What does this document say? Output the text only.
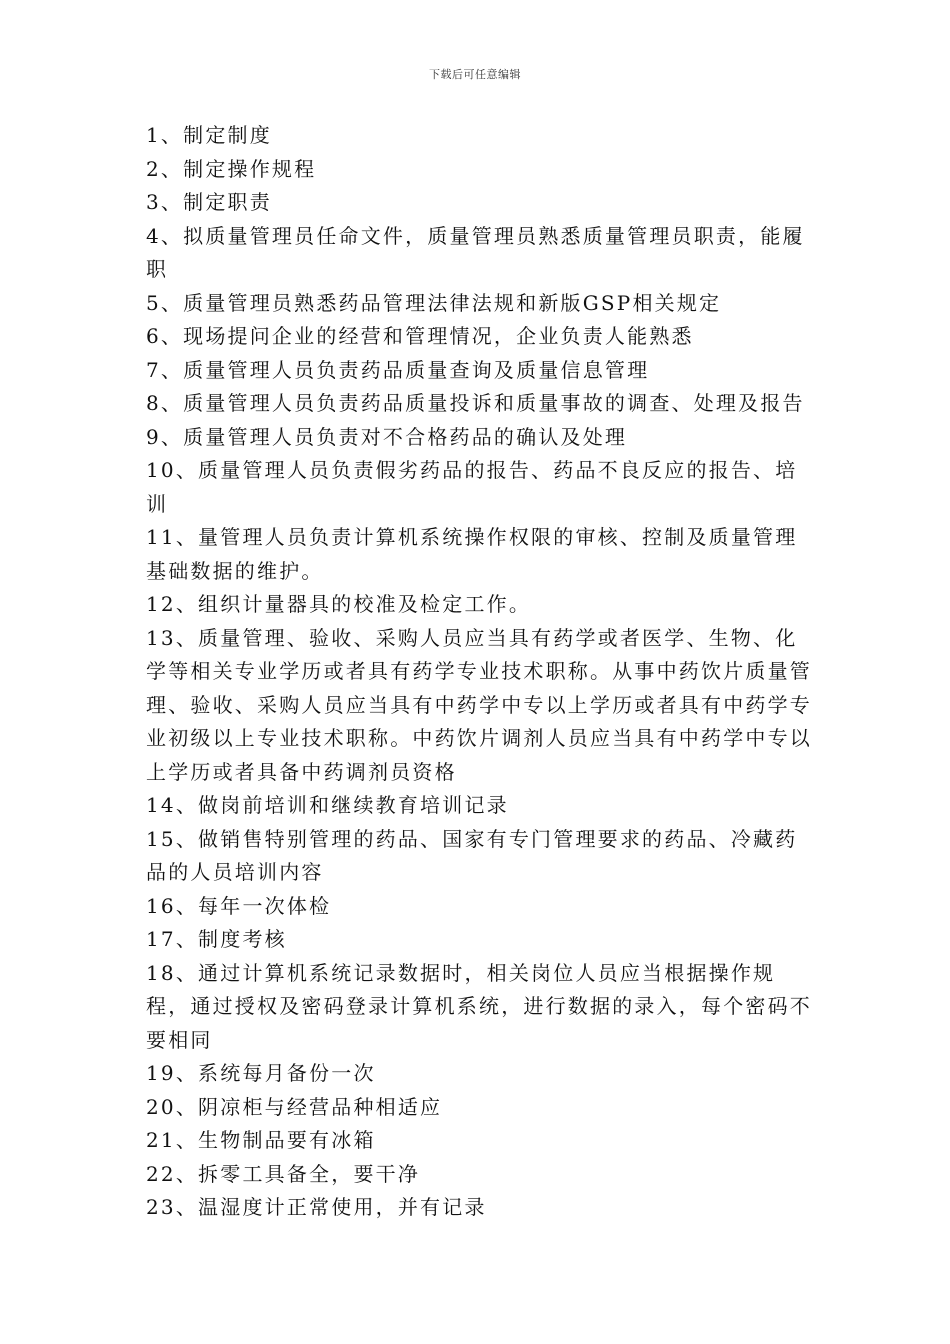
下载后可任意编辑

1、制定制度

2、制定操作规程

3、制定职责

4、拟质量管理员任命文件，质量管理员熟悉质量管理员职责，能履职

5、质量管理员熟悉药品管理法律法规和新版GSP相关规定

6、现场提问企业的经营和管理情况，企业负责人能熟悉

7、质量管理人员负责药品质量查询及质量信息管理

8、质量管理人员负责药品质量投诉和质量事故的调查、处理及报告

9、质量管理人员负责对不合格药品的确认及处理

10、质量管理人员负责假劣药品的报告、药品不良反应的报告、培训

11、量管理人员负责计算机系统操作权限的审核、控制及质量管理基础数据的维护。

12、组织计量器具的校准及检定工作。

13、质量管理、验收、采购人员应当具有药学或者医学、生物、化学等相关专业学历或者具有药学专业技术职称。从事中药饮片质量管理、验收、采购人员应当具有中药学中专以上学历或者具有中药学专业初级以上专业技术职称。中药饮片调剂人员应当具有中药学中专以上学历或者具备中药调剂员资格

14、做岗前培训和继续教育培训记录

15、做销售特别管理的药品、国家有专门管理要求的药品、冷藏药品的人员培训内容

16、每年一次体检

17、制度考核

18、通过计算机系统记录数据时，相关岗位人员应当根据操作规程，通过授权及密码登录计算机系统，进行数据的录入，每个密码不要相同

19、系统每月备份一次

20、阴凉柜与经营品种相适应

21、生物制品要有冰箱

22、拆零工具备全，要干净

23、温湿度计正常使用，并有记录
